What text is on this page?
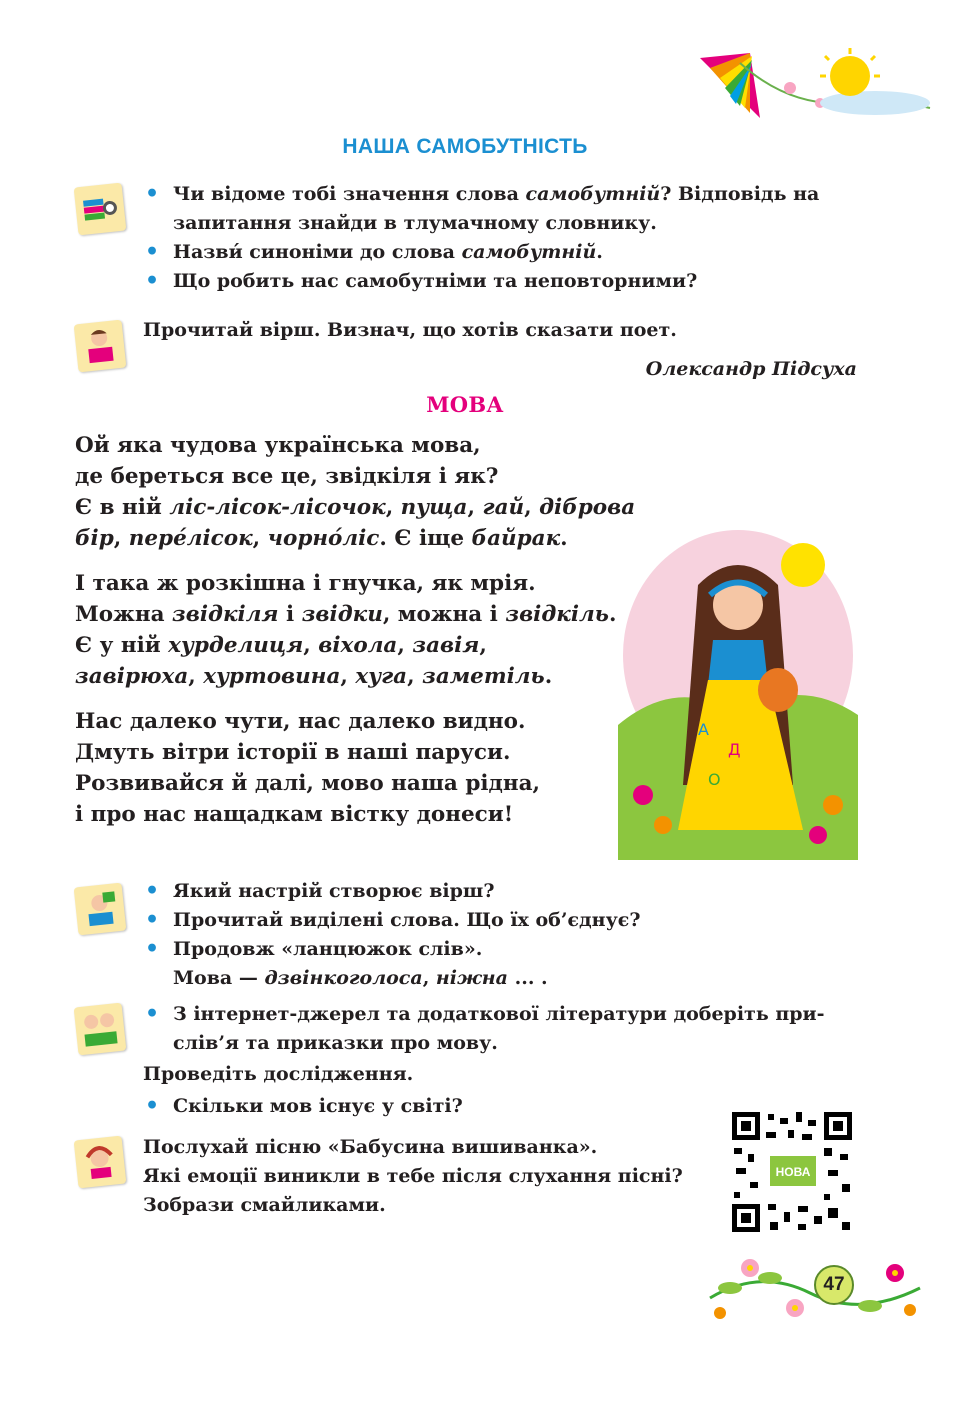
НАША САМОБУТНІСТЬ
• Чи відоме тобі значення слова самобутній? Відповідь на
запитання знайди в тлумачному словнику.
• Назви́ синоніми до слова самобутній.
• Що робить нас самобутніми та неповторними?
Прочитай вірш. Визнач, що хотів сказати поет.
Олександр Підсуха
МОВА

Ой яка чудова українська мова,
де береться все це, звідкіля і як?
Є в ній ліс-лісок-лісочок, пуща, гай, діброва
бір, пере́лісок, чорно́ліс. Є іще байрак.

І така ж розкішна і гнучка, як мрія.
Можна звідкіля і звідки, можна і звідкіль.
Є у ній хурделиця, віхола, завія,
завірюха, хуртовина, хуга, заметіль.

Нас далеко чути, нас далеко видно.
Дмуть вітри історії в наші паруси.
Розвивайся й далі, мово наша рідна,
і про нас нащадкам вістку донеси!

А
Д
О
• Який настрій створює вірш?
• Прочитай виділені слова. Що їх об’єднує?
• Продовж «ланцюжок слів».
Мова — дзвінкоголоса, ніжна ... .
• З інтернет-джерел та додаткової літератури доберіть при-
слів’я та приказки про мову.
Проведіть дослідження.
• Скільки мов існує у світі?
Послухай пісню «Бабусина вишиванка».
Які емоції виникли в тебе після слухання пісні?
Зобрази смайликами.
НОВА
47
